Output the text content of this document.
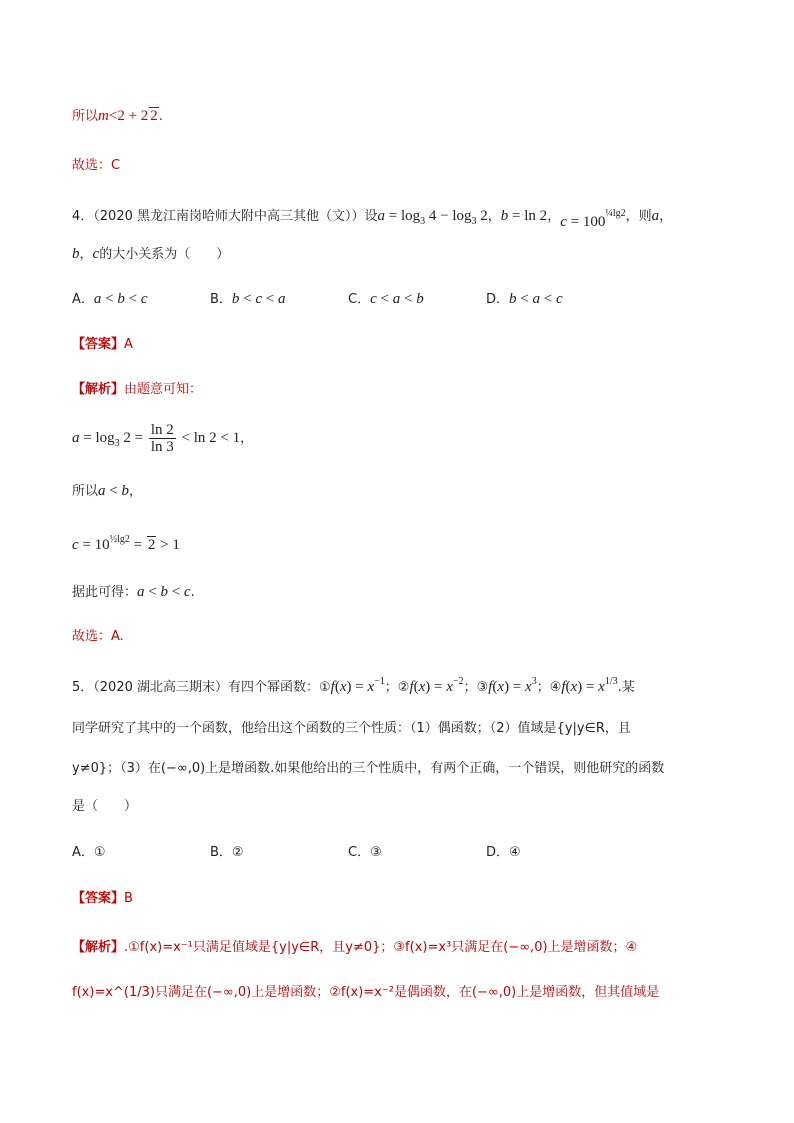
所以m<2 + 2 2.
故选：C
4．（2020 黑龙江南岗哈师大附中高三其他（文））设$a = \log_3 4 - \log_3 2$，b = ln 2，$c = 100^{\frac{1}{4}lg2}$，则a，
b，c的大小关系为（　　）
A．a < b < c	B．b < c < a	C．c < a < b	D．b < a < c
【答案】A
【解析】由题意可知：
$a = \log_3 2 = \frac{\ln 2}{\ln 3} < \ln 2 < 1$，
所以a < b，
$c = 10^{\frac{1}{2}lg2} = 2 > 1$
据此可得：a < b < c.
故选：A.
5．（2020 湖北高三期末）有四个幂函数：①f(x) = $x^{-1}$；②f(x) = $x^{-2}$；③f(x) = $x^3$；④f(x) = $x^{1/3}$.某
同学研究了其中的一个函数，他给出这个函数的三个性质：（1）偶函数；（2）值域是{y|y∈R，且
y≠0}；（3）在(−∞,0)上是增函数.如果他给出的三个性质中，有两个正确，一个错误，则他研究的函数
是（　　）
A．①	B．②	C．③	D．④
【答案】B
【解析】.①f(x)=x⁻¹只满足值域是{y|y∈R，且y≠0}；③f(x)=x³只满足在(−∞,0)上是增函数；④
f(x)=x^(1/3)只满足在(−∞,0)上是增函数；②f(x)=x⁻²是偶函数，在(−∞,0)上是增函数，但其值域是
